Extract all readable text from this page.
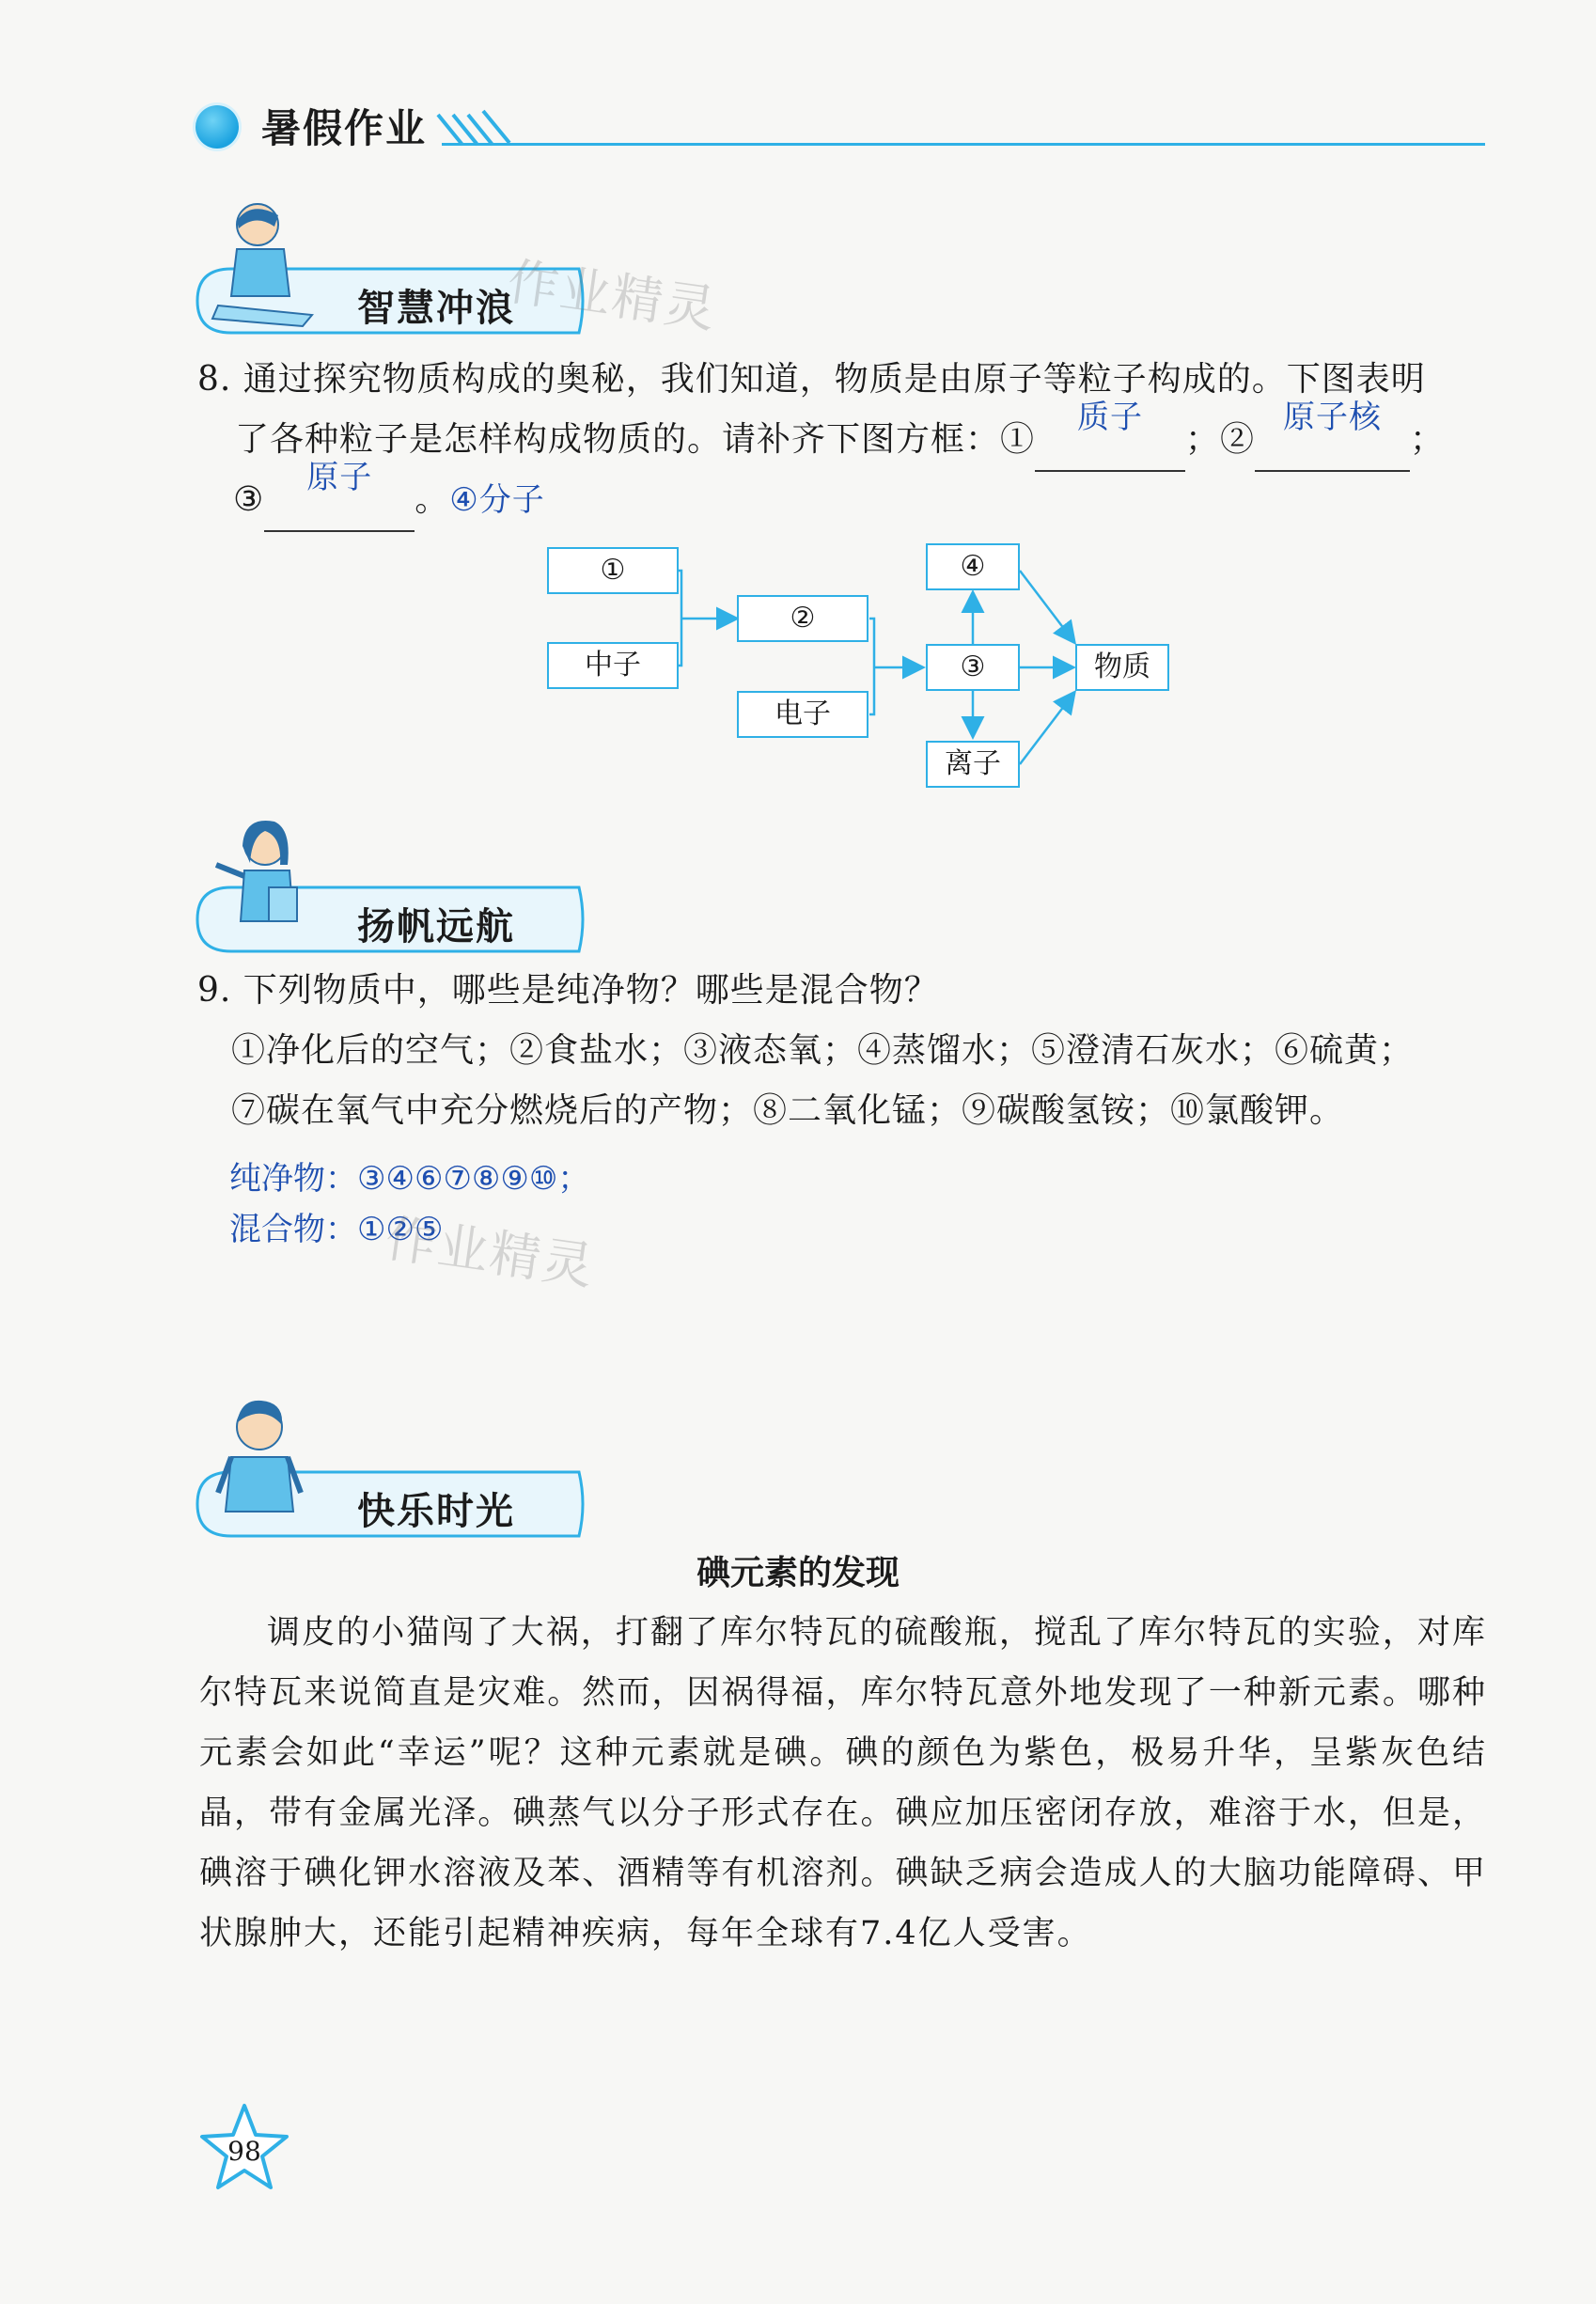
暑假作业
智慧冲浪
作业精灵
8. 通过探究物质构成的奥秘，我们知道，物质是由原子等粒子构成的。下图表明
了各种粒子是怎样构成物质的。请补齐下图方框：①
质子
；②
原子核
；
③
原子
。④分子
①
中子
②
电子
④
③
离子
物质
扬帆远航
9. 下列物质中，哪些是纯净物？哪些是混合物？
①净化后的空气；②食盐水；③液态氧；④蒸馏水；⑤澄清石灰水；⑥硫黄；
⑦碳在氧气中充分燃烧后的产物；⑧二氧化锰；⑨碳酸氢铵；⑩氯酸钾。
纯净物：③④⑥⑦⑧⑨⑩；
混合物：①②⑤
作业精灵
快乐时光
碘元素的发现
调皮的小猫闯了大祸，打翻了库尔特瓦的硫酸瓶，搅乱了库尔特瓦的实验，对库尔特瓦来说简直是灾难。然而，因祸得福，库尔特瓦意外地发现了一种新元素。哪种元素会如此“幸运”呢？这种元素就是碘。碘的颜色为紫色，极易升华，呈紫灰色结晶，带有金属光泽。碘蒸气以分子形式存在。碘应加压密闭存放，难溶于水，但是，碘溶于碘化钾水溶液及苯、酒精等有机溶剂。碘缺乏病会造成人的大脑功能障碍、甲状腺肿大，还能引起精神疾病，每年全球有7.4亿人受害。
98
